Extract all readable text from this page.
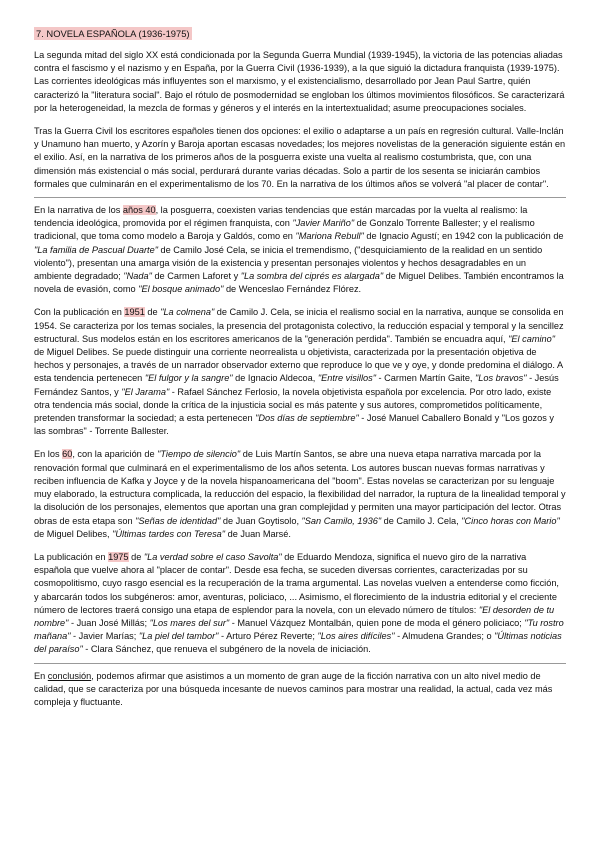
7. NOVELA ESPAÑOLA (1936-1975)

La segunda mitad del siglo XX está condicionada por la Segunda Guerra Mundial (1939-1945), la victoria de las potencias aliadas contra el fascismo y el nazismo y en España, por la Guerra Civil (1936-1939), a la que siguió la dictadura franquista (1939-1975). Las corrientes ideológicas más influyentes son el marxismo, y el existencialismo, desarrollado por Jean Paul Sartre, quién caracterizó la "literatura social". Bajo el rótulo de posmodernidad se engloban los últimos movimientos filosóficos. Se caracterizará por la heterogeneidad, la mezcla de formas y géneros y el interés en la intertextualidad; asume preocupaciones sociales.

Tras la Guerra Civil los escritores españoles tienen dos opciones: el exilio o adaptarse a un país en regresión cultural. Valle-Inclán y Unamuno han muerto, y Azorín y Baroja aportan escasas novedades; los mejores novelistas de la generación siguiente están en el exilio. Así, en la narrativa de los primeros años de la posguerra existe una vuelta al realismo costumbrista, que, con una dimensión más existencial o más social, perdurará durante varias décadas. Solo a partir de los sesenta se iniciarán cambios formales que culminarán en el experimentalismo de los 70. En la narrativa de los últimos años se volverá "al placer de contar".

En la narrativa de los años 40, la posguerra, coexisten varias tendencias que están marcadas por la vuelta al realismo: la tendencia ideológica, promovida por el régimen franquista, con "Javier Mariño" de Gonzalo Torrente Ballester; y el realismo tradicional, que toma como modelo a Baroja y Galdós, como en "Mariona Rebull" de Ignacio Agustí; en 1942 con la publicación de "La familia de Pascual Duarte" de Camilo José Cela, se inicia el tremendismo, ("desquiciamiento de la realidad en un sentido violento"), presentan una amarga visión de la existencia y presentan personajes violentos y hechos desagradables en un ambiente degradado; "Nada" de Carmen Laforet y "La sombra del ciprés es alargada" de Miguel Delibes. También encontramos la novela de evasión, como "El bosque animado" de Wenceslao Fernández Flórez.

Con la publicación en 1951 de "La colmena" de Camilo J. Cela, se inicia el realismo social en la narrativa, aunque se consolida en 1954. Se caracteriza por los temas sociales, la presencia del protagonista colectivo, la reducción espacial y temporal y la sencillez estructural. Sus modelos están en los escritores americanos de la "generación perdida". También se encuadra aquí, "El camino" de Miguel Delibes. Se puede distinguir una corriente neorrealista u objetivista, caracterizada por la presentación objetiva de hechos y personajes, a través de un narrador observador externo que reproduce lo que ve y oye, y donde predomina el diálogo. A esta tendencia pertenecen "El fulgor y la sangre" de Ignacio Aldecoa, "Entre visillos" - Carmen Martín Gaite, "Los bravos" - Jesús Fernández Santos, y "El Jarama" - Rafael Sánchez Ferlosio, la novela objetivista española por excelencia. Por otro lado, existe otra tendencia más social, donde la crítica de la injusticia social es más patente y sus autores, comprometidos políticamente, pretenden transformar la sociedad; a esta pertenecen "Dos días de septiembre" - José Manuel Caballero Bonald y "Los gozos y las sombras" - Torrente Ballester.

En los 60, con la aparición de "Tiempo de silencio" de Luis Martín Santos, se abre una nueva etapa narrativa marcada por la renovación formal que culminará en el experimentalismo de los años setenta. Los autores buscan nuevas formas narrativas y reciben influencia de Kafka y Joyce y de la novela hispanoamericana del "boom". Estas novelas se caracterizan por su lenguaje muy elaborado, la estructura complicada, la reducción del espacio, la flexibilidad del narrador, la ruptura de la linealidad temporal y la disolución de los personajes, elementos que aportan una gran complejidad y permiten una mayor participación del lector. Otras obras de esta etapa son "Señas de identidad" de Juan Goytisolo, "San Camilo, 1936" de Camilo J. Cela, "Cinco horas con Mario" de Miguel Delibes, "Últimas tardes con Teresa" de Juan Marsé.

La publicación en 1975 de "La verdad sobre el caso Savolta" de Eduardo Mendoza, significa el nuevo giro de la narrativa española que vuelve ahora al "placer de contar". Desde esa fecha, se suceden diversas corrientes, caracterizadas por su cosmopolitismo, cuyo rasgo esencial es la recuperación de la trama argumental. Las novelas vuelven a entenderse como ficción, y abarcarán todos los subgéneros: amor, aventuras, policiaco, ... Asimismo, el florecimiento de la industria editorial y el creciente número de lectores traerá consigo una etapa de esplendor para la novela, con un elevado número de títulos: "El desorden de tu nombre" - Juan José Millás; "Los mares del sur" - Manuel Vázquez Montalbán, quien pone de moda el género policiaco; "Tu rostro mañana" - Javier Marías; "La piel del tambor" - Arturo Pérez Reverte; "Los aires difíciles" - Almudena Grandes; o "Últimas noticias del paraíso" - Clara Sánchez, que renueva el subgénero de la novela de iniciación.

En conclusión, podemos afirmar que asistimos a un momento de gran auge de la ficción narrativa con un alto nivel medio de calidad, que se caracteriza por una búsqueda incesante de nuevos caminos para mostrar una realidad, la actual, cada vez más compleja y fluctuante.
